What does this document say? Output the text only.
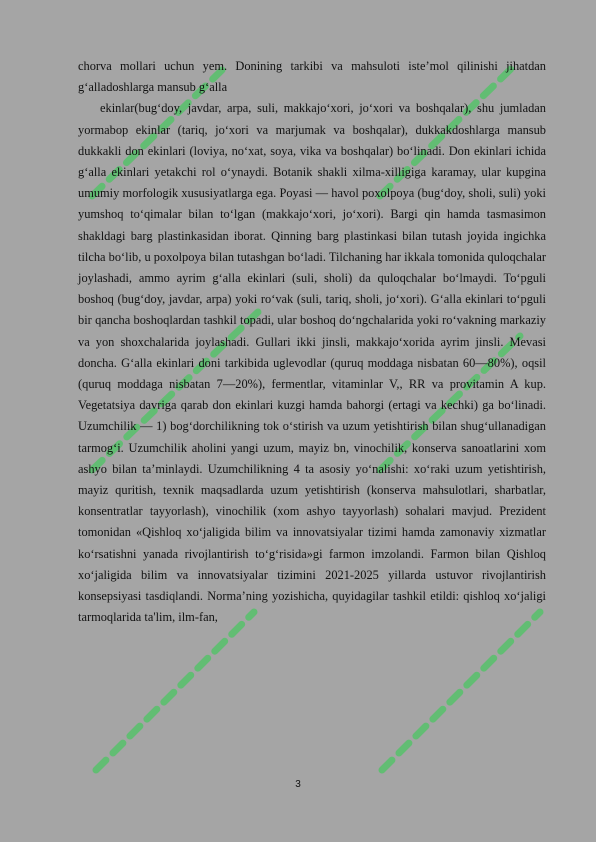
chorva mollari uchun yem. Donining tarkibi va mahsuloti isteʼmol qilinishi jihatdan gʻalladoshlarga mansub gʻalla

ekinlar(bugʻdoy, javdar, arpa, suli, makkajoʻxori, joʻxori va boshqalar), shu jumladan yormabop ekinlar (tariq, joʻxori va marjumak va boshqalar), dukkakdoshlarga mansub dukkakli don ekinlari (loviya, noʻxat, soya, vika va boshqalar) boʻlinadi. Don ekinlari ichida gʻalla ekinlari yetakchi rol oʻynaydi. Botanik shakli xilma-xilligiga karamay, ular kupgina umumiy morfologik xususiyatlarga ega. Poyasi — havol poxolpoya (bugʻdoy, sholi, suli) yoki yumshoq toʻqimalar bilan toʻlgan (makkajoʻxori, joʻxori). Bargi qin hamda tasmasimon shakldagi barg plastinkasidan iborat. Qinning barg plastinkasi bilan tutash joyida ingichka tilcha boʻlib, u poxolpoya bilan tutashgan boʻladi. Tilchaning har ikkala tomonida quloqchalar joylashadi, ammo ayrim gʻalla ekinlari (suli, sholi) da quloqchalar boʻlmaydi. Toʻpguli boshoq (bugʻdoy, javdar, arpa) yoki roʻvak (suli, tariq, sholi, joʻxori). Gʻalla ekinlari toʻpguli bir qancha boshoqlardan tashkil topadi, ular boshoq doʻngchalarida yoki roʻvakning markaziy va yon shoxchalarida joylashadi. Gullari ikki jinsli, makkajoʻxorida ayrim jinsli. Mevasi doncha. Gʻalla ekinlari doni tarkibida uglevodlar (quruq moddaga nisbatan 60—80%), oqsil (quruq moddaga nisbatan 7—20%), fermentlar, vitaminlar V,, RR va provitamin A kup. Vegetatsiya davriga qarab don ekinlari kuzgi hamda bahorgi (ertagi va kechki) ga boʻlinadi. Uzumchilik — 1) bogʻdorchilikning tok oʻstirish va uzum yetishtirish bilan shugʻullanadigan tarmogʻi. Uzumchilik aholini yangi uzum, mayiz bn, vinochilik, konserva sanoatlarini xom ashyo bilan taʼminlaydi. Uzumchilikning 4 ta asosiy yoʻnalishi: xoʻraki uzum yetishtirish, mayiz quritish, texnik maqsadlarda uzum yetishtirish (konserva mahsulotlari, sharbatlar, konsentratlar tayyorlash), vinochilik (xom ashyo tayyorlash) sohalari mavjud. Prezident tomonidan «Qishloq xoʻjaligida bilim va innovatsiyalar tizimi hamda zamonaviy xizmatlar koʻrsatishni yanada rivojlantirish toʻgʻrisida»gi farmon imzolandi. Farmon bilan Qishloq xoʻjaligida bilim va innovatsiyalar tizimini 2021-2025 yillarda ustuvor rivojlantirish konsepsiyasi tasdiqlandi. Normaʼning yozishicha, quyidagilar tashkil etildi: qishloq xoʻjaligi tarmoqlarida ta'lim, ilm-fan,

3
